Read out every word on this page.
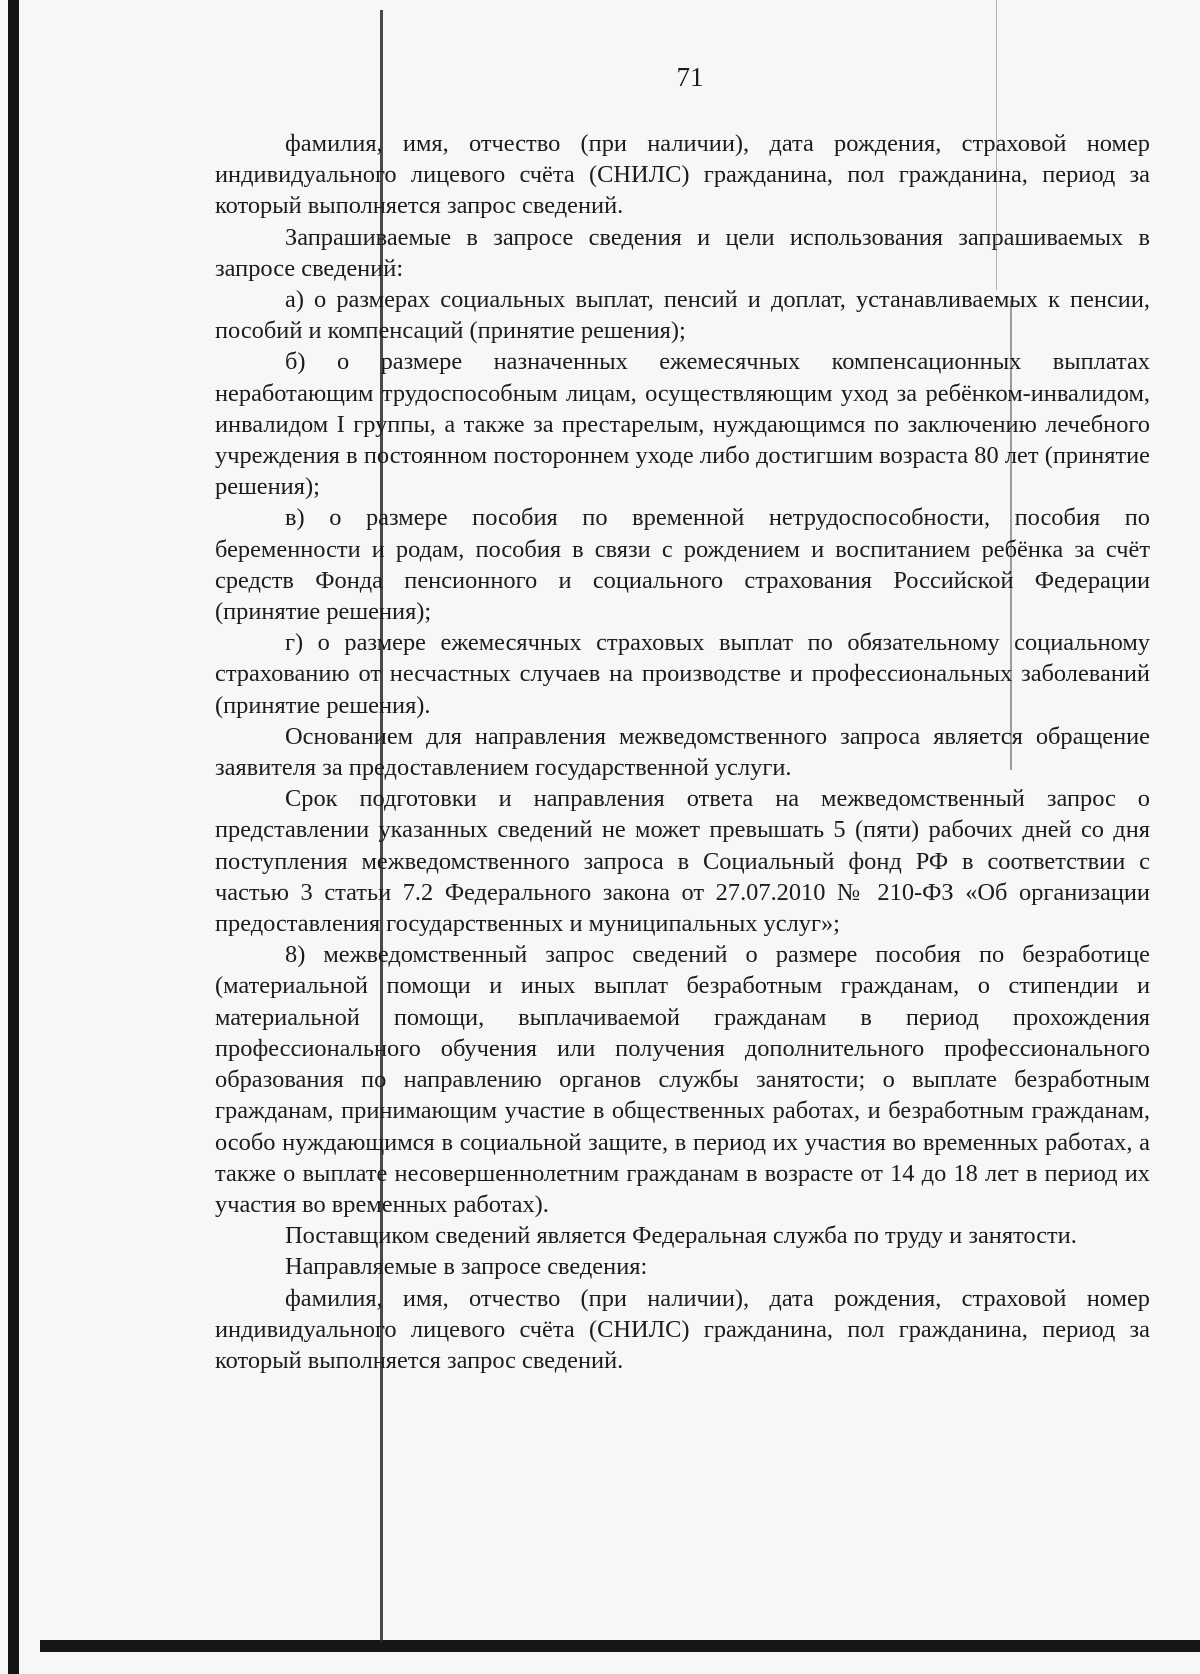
71

фамилия, имя, отчество (при наличии), дата рождения, страховой номер индивидуального лицевого счёта (СНИЛС) гражданина, пол гражданина, период за который выполняется запрос сведений.

Запрашиваемые в запросе сведения и цели использования запрашиваемых в запросе сведений:

а) о размерах социальных выплат, пенсий и доплат, устанавливаемых к пенсии, пособий и компенсаций (принятие решения);

б) о размере назначенных ежемесячных компенсационных выплатах неработающим трудоспособным лицам, осуществляющим уход за ребёнком-инвалидом, инвалидом I группы, а также за престарелым, нуждающимся по заключению лечебного учреждения в постоянном постороннем уходе либо достигшим возраста 80 лет (принятие решения);

в) о размере пособия по временной нетрудоспособности, пособия по беременности и родам, пособия в связи с рождением и воспитанием ребёнка за счёт средств Фонда пенсионного и социального страхования Российской Федерации (принятие решения);

г) о размере ежемесячных страховых выплат по обязательному социальному страхованию от несчастных случаев на производстве и профессиональных заболеваний (принятие решения).

Основанием для направления межведомственного запроса является обращение заявителя за предоставлением государственной услуги.

Срок подготовки и направления ответа на межведомственный запрос о представлении указанных сведений не может превышать 5 (пяти) рабочих дней со дня поступления межведомственного запроса в Социальный фонд РФ в соответствии с частью 3 статьи 7.2 Федерального закона от 27.07.2010 № 210-ФЗ «Об организации предоставления государственных и муниципальных услуг»;

8) межведомственный запрос сведений о размере пособия по безработице (материальной помощи и иных выплат безработным гражданам, о стипендии и материальной помощи, выплачиваемой гражданам в период прохождения профессионального обучения или получения дополнительного профессионального образования по направлению органов службы занятости; о выплате безработным гражданам, принимающим участие в общественных работах, и безработным гражданам, особо нуждающимся в социальной защите, в период их участия во временных работах, а также о выплате несовершеннолетним гражданам в возрасте от 14 до 18 лет в период их участия во временных работах).

Поставщиком сведений является Федеральная служба по труду и занятости.

Направляемые в запросе сведения:

фамилия, имя, отчество (при наличии), дата рождения, страховой номер индивидуального лицевого счёта (СНИЛС) гражданина, пол гражданина, период за который выполняется запрос сведений.
